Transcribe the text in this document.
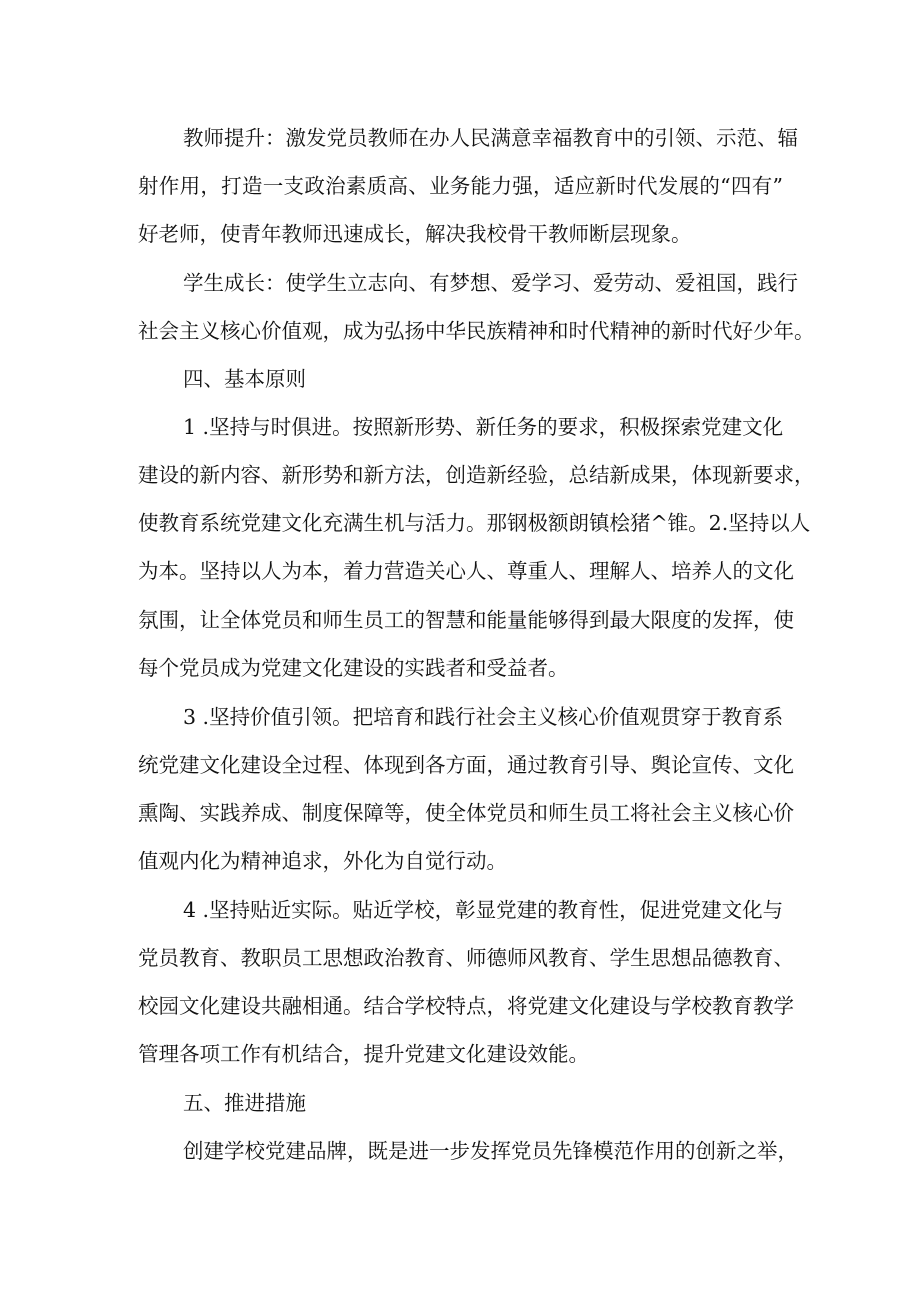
教师提升：激发党员教师在办人民满意幸福教育中的引领、示范、辐
射作用，打造一支政治素质高、业务能力强，适应新时代发展的“四有”
好老师，使青年教师迅速成长，解决我校骨干教师断层现象。
学生成长：使学生立志向、有梦想、爱学习、爱劳动、爱祖国，践行
社会主义核心价值观，成为弘扬中华民族精神和时代精神的新时代好少年。
四、基本原则
1 .坚持与时俱进。按照新形势、新任务的要求，积极探索党建文化
建设的新内容、新形势和新方法，创造新经验，总结新成果，体现新要求，
使教育系统党建文化充满生机与活力。那钢极额朗镇桧猪^锥。2.坚持以人
为本。坚持以人为本，着力营造关心人、尊重人、理解人、培养人的文化
氛围，让全体党员和师生员工的智慧和能量能够得到最大限度的发挥，使
每个党员成为党建文化建设的实践者和受益者。
3 .坚持价值引领。把培育和践行社会主义核心价值观贯穿于教育系
统党建文化建设全过程、体现到各方面，通过教育引导、舆论宣传、文化
熏陶、实践养成、制度保障等，使全体党员和师生员工将社会主义核心价
值观内化为精神追求，外化为自觉行动。
4 .坚持贴近实际。贴近学校，彰显党建的教育性，促进党建文化与
党员教育、教职员工思想政治教育、师德师风教育、学生思想品德教育、
校园文化建设共融相通。结合学校特点，将党建文化建设与学校教育教学
管理各项工作有机结合，提升党建文化建设效能。
五、推进措施
创建学校党建品牌，既是进一步发挥党员先锋模范作用的创新之举，
